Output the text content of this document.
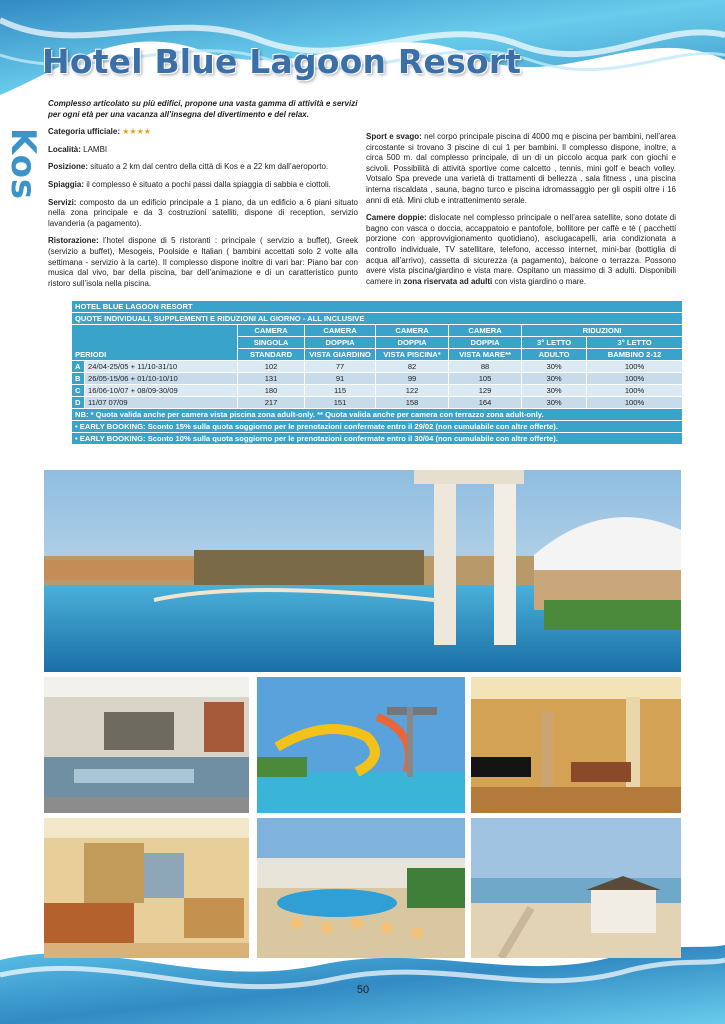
Hotel Blue Lagoon Resort
Kos

Complesso articolato su più edifici, propone una vasta gamma di attività e servizi per ogni età per una vacanza all’insegna del divertimento e del relax.

Categoria ufficiale: ★★★★

Località: LAMBI

Posizione: situato a 2 km dal centro della città di Kos e a 22 km dall’aeroporto.

Spiaggia: il complesso è situato a pochi passi dalla spiaggia di sabbia e ciottoli.

Servizi: composto da un edificio principale a 1 piano, da un edificio a 6 piani situato nella zona principale e da 3 costruzioni satelliti, dispone di reception, servizio lavanderia (a pagamento).

Ristorazione: l’hotel dispone di 5 ristoranti : principale ( servizio a buffet), Greek (servizio a buffet), Mesogeis, Poolside e Italian ( bambini accettati solo 2 volte alla settimana - servizio à la carte). Il complesso dispone inoltre di vari bar: Piano bar con musica dal vivo, bar della piscina, bar dell’animazione e di un caratteristico punto ristoro sull’isola nella piscina.

Sport e svago: nel corpo principale piscina di 4000 mq e piscina per bambini, nell’area circostante si trovano 3 piscine di cui 1 per bambini. Il complesso dispone, inoltre, a circa 500 m. dal complesso principale, di un di un piccolo acqua park con giochi e scivoli. Possibilità di attività sportive come calcetto , tennis, mini golf e beach volley. Votsalo Spa prevede una varietà di trattamenti di bellezza , sala fitness , una piscina interna riscaldata , sauna, bagno turco e piscina idromassaggio per gli ospiti oltre i 16 anni di età. Mini club e intrattenimento serale.

Camere doppie: dislocate nel complesso principale o nell’area satellite, sono dotate di bagno con vasca o doccia, accappatoio e pantofole, bollitore per caffè e tè ( pacchetti porzione con approvvigionamento quotidiano), asciugacapelli, aria condizionata a controllo individuale, TV satellitare, telefono, accesso internet, mini-bar (bottiglia di acqua all’arrivo), cassetta di sicurezza (a pagamento), balcone o terrazza. Possono avere vista piscina/giardino e vista mare. Ospitano un massimo di 3 adulti. Disponibili camere in zona riservata ad adulti con vista giardino o mare.

HOTEL BLUE LAGOON RESORT							
QUOTE INDIVIDUALI, SUPPLEMENTI E RIDUZIONI AL GIORNO - ALL INCLUSIVE							
PERIODI		CAMERA	CAMERA	CAMERA	CAMERA	RIDUZIONI	
		SINGOLA	DOPPIA	DOPPIA	DOPPIA	3° LETTO	3° LETTO
		STANDARD	VISTA GIARDINO	VISTA PISCINA*	VISTA MARE**	ADULTO	BAMBINO 2-12
A	24/04-25/05 + 11/10-31/10	102	77	82	88	30%	100%
B	26/05-15/06 + 01/10-10/10	131	91	99	105	30%	100%
C	16/06-10/07 + 08/09-30/09	180	115	122	129	30%	100%
D	11/07 07/09	217	151	158	164	30%	100%
NB: * Quota valida anche per camera vista piscina zona adult-only. ** Quota valida anche per camera con terrazzo zona adult-only.							
• EARLY BOOKING: Sconto 15% sulla quota soggiorno per le prenotazioni confermate entro il 29/02 (non cumulabile con altre offerte).							
• EARLY BOOKING: Sconto 10% sulla quota soggiorno per le prenotazioni confermate entro il 30/04 (non cumulabile con altre offerte).							
50
